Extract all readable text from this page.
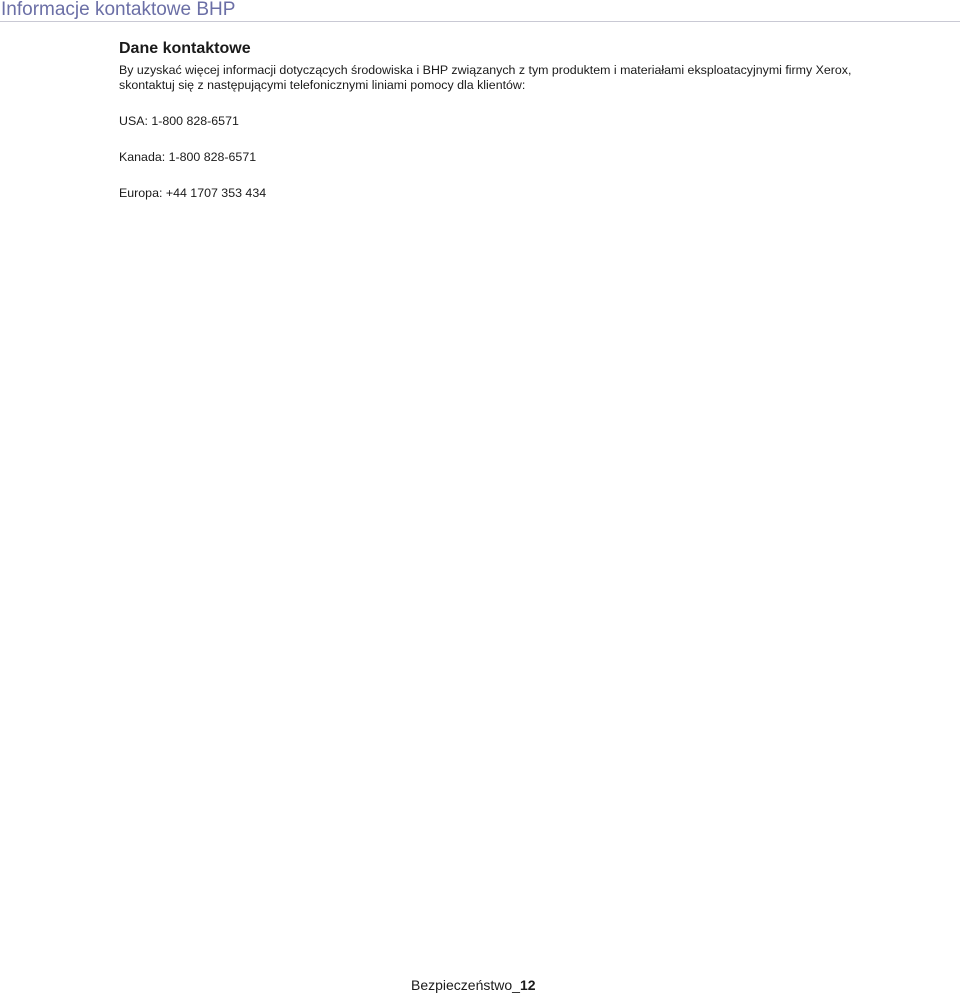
Informacje kontaktowe BHP
Dane kontaktowe
By uzyskać więcej informacji dotyczących środowiska i BHP związanych z tym produktem i materiałami eksploatacyjnymi firmy Xerox,
skontaktuj się z następującymi telefonicznymi liniami pomocy dla klientów:
USA: 1-800 828-6571
Kanada: 1-800 828-6571
Europa: +44 1707 353 434
Bezpieczeństwo_12
